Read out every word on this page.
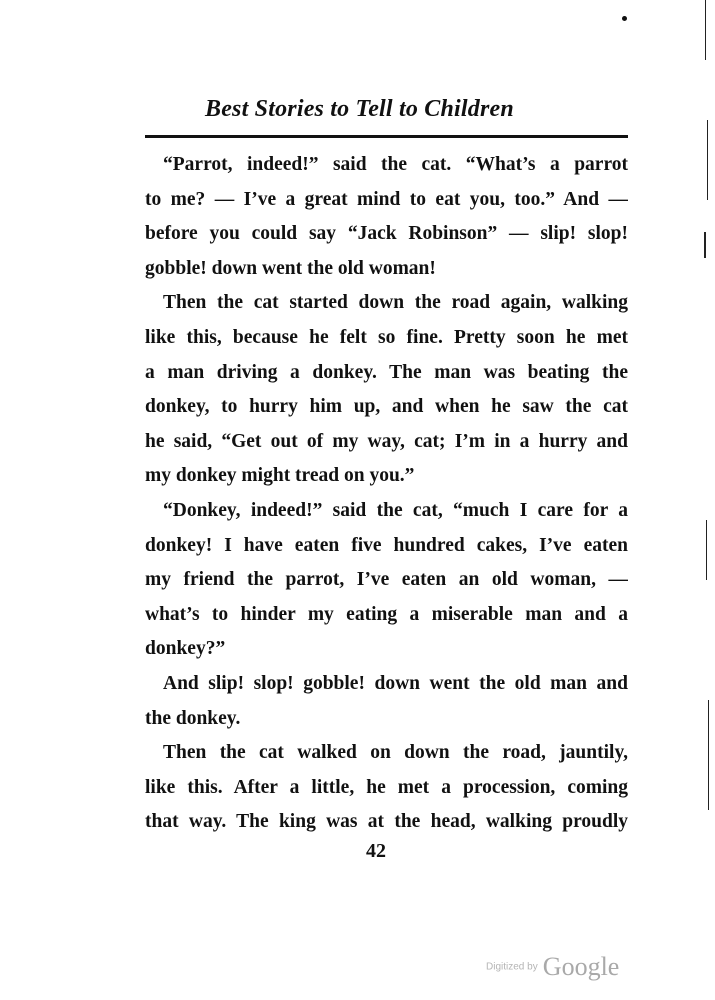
Best Stories to Tell to Children
“Parrot, indeed!” said the cat. “What’s a parrot
to me? — I’ve a great mind to eat you, too.” And —
before you could say “Jack Robinson” — slip! slop!
gobble! down went the old woman!
Then the cat started down the road again, walking
like this, because he felt so fine. Pretty soon he met
a man driving a donkey. The man was beating the
donkey, to hurry him up, and when he saw the cat
he said, “Get out of my way, cat; I’m in a hurry and
my donkey might tread on you.”
“Donkey, indeed!” said the cat, “much I care for a
donkey! I have eaten five hundred cakes, I’ve eaten
my friend the parrot, I’ve eaten an old woman, —
what’s to hinder my eating a miserable man and a
donkey?”
And slip! slop! gobble! down went the old man and
the donkey.
Then the cat walked on down the road, jauntily,
like this. After a little, he met a procession, coming
that way. The king was at the head, walking proudly
42
Digitized by Google
